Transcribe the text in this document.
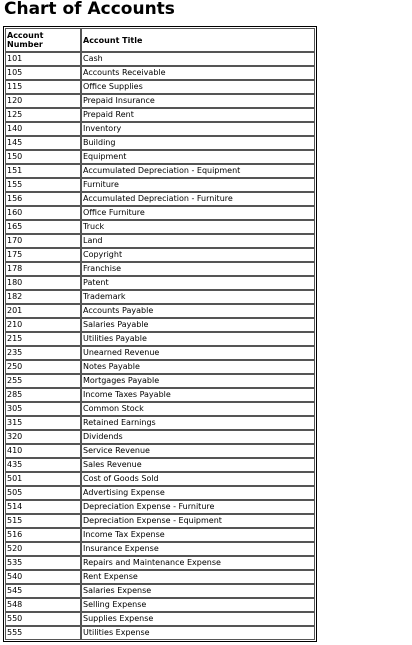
Chart of Accounts
Account
Number	Account Title
101	Cash
105	Accounts Receivable
115	Office Supplies
120	Prepaid Insurance
125	Prepaid Rent
140	Inventory
145	Building
150	Equipment
151	Accumulated Depreciation - Equipment
155	Furniture
156	Accumulated Depreciation - Furniture
160	Office Furniture
165	Truck
170	Land
175	Copyright
178	Franchise
180	Patent
182	Trademark
201	Accounts Payable
210	Salaries Payable
215	Utilities Payable
235	Unearned Revenue
250	Notes Payable
255	Mortgages Payable
285	Income Taxes Payable
305	Common Stock
315	Retained Earnings
320	Dividends
410	Service Revenue
435	Sales Revenue
501	Cost of Goods Sold
505	Advertising Expense
514	Depreciation Expense - Furniture
515	Depreciation Expense - Equipment
516	Income Tax Expense
520	Insurance Expense
535	Repairs and Maintenance Expense
540	Rent Expense
545	Salaries Expense
548	Selling Expense
550	Supplies Expense
555	Utilities Expense
